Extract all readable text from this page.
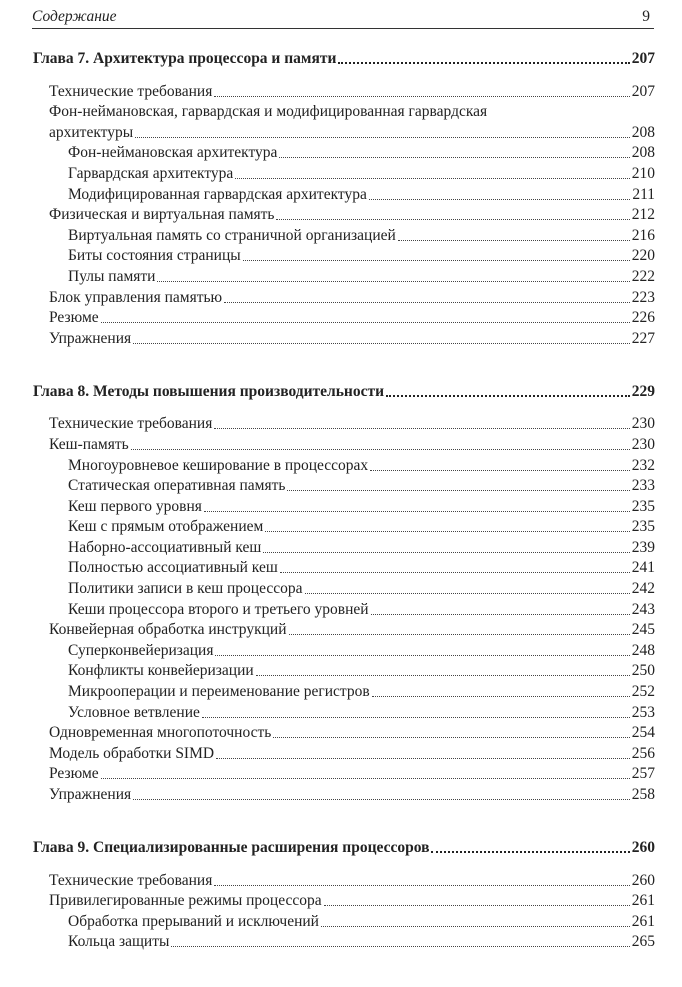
Содержание	9
Глава 7. Архитектура процессора и памяти	207
Технические требования	207
Фон-неймановская, гарвардская и модифицированная гарвардская
архитектуры	208
Фон-неймановская архитектура	208
Гарвардская архитектура	210
Модифицированная гарвардская архитектура	211
Физическая и виртуальная память	212
Виртуальная память со страничной организацией	216
Биты состояния страницы	220
Пулы памяти	222
Блок управления памятью	223
Резюме	226
Упражнения	227
Глава 8. Методы повышения производительности	229
Технические требования	230
Кеш-память	230
Многоуровневое кеширование в процессорах	232
Статическая оперативная память	233
Кеш первого уровня	235
Кеш с прямым отображением	235
Наборно-ассоциативный кеш	239
Полностью ассоциативный кеш	241
Политики записи в кеш процессора	242
Кеши процессора второго и третьего уровней	243
Конвейерная обработка инструкций	245
Суперконвейеризация	248
Конфликты конвейеризации	250
Микрооперации и переименование регистров	252
Условное ветвление	253
Одновременная многопоточность	254
Модель обработки SIMD	256
Резюме	257
Упражнения	258
Глава 9. Специализированные расширения процессоров	260
Технические требования	260
Привилегированные режимы процессора	261
Обработка прерываний и исключений	261
Кольца защиты	265
